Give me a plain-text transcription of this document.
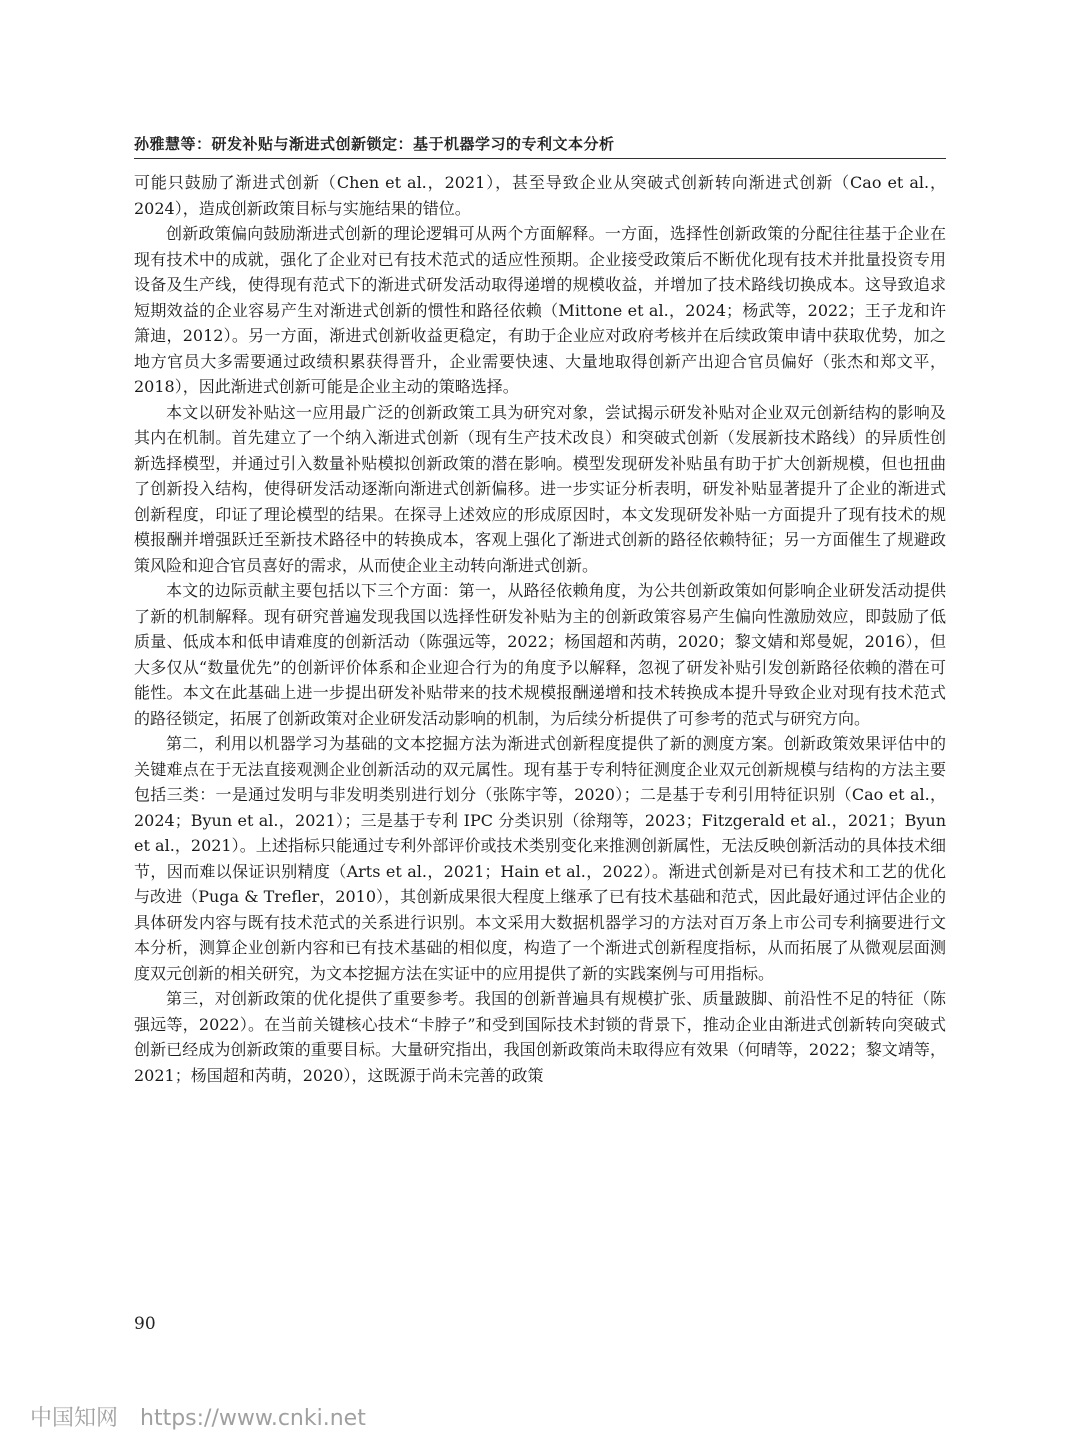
孙雅慧等：研发补贴与渐进式创新锁定：基于机器学习的专利文本分析

可能只鼓励了渐进式创新（Chen et al.，2021），甚至导致企业从突破式创新转向渐进式创新（Cao et al.，2024），造成创新政策目标与实施结果的错位。

创新政策偏向鼓励渐进式创新的理论逻辑可从两个方面解释。一方面，选择性创新政策的分配往往基于企业在现有技术中的成就，强化了企业对已有技术范式的适应性预期。企业接受政策后不断优化现有技术并批量投资专用设备及生产线，使得现有范式下的渐进式研发活动取得递增的规模收益，并增加了技术路线切换成本。这导致追求短期效益的企业容易产生对渐进式创新的惯性和路径依赖（Mittone et al.，2024；杨武等，2022；王子龙和许箫迪，2012）。另一方面，渐进式创新收益更稳定，有助于企业应对政府考核并在后续政策申请中获取优势，加之地方官员大多需要通过政绩积累获得晋升，企业需要快速、大量地取得创新产出迎合官员偏好（张杰和郑文平，2018），因此渐进式创新可能是企业主动的策略选择。

本文以研发补贴这一应用最广泛的创新政策工具为研究对象，尝试揭示研发补贴对企业双元创新结构的影响及其内在机制。首先建立了一个纳入渐进式创新（现有生产技术改良）和突破式创新（发展新技术路线）的异质性创新选择模型，并通过引入数量补贴模拟创新政策的潜在影响。模型发现研发补贴虽有助于扩大创新规模，但也扭曲了创新投入结构，使得研发活动逐渐向渐进式创新偏移。进一步实证分析表明，研发补贴显著提升了企业的渐进式创新程度，印证了理论模型的结果。在探寻上述效应的形成原因时，本文发现研发补贴一方面提升了现有技术的规模报酬并增强跃迁至新技术路径中的转换成本，客观上强化了渐进式创新的路径依赖特征；另一方面催生了规避政策风险和迎合官员喜好的需求，从而使企业主动转向渐进式创新。

本文的边际贡献主要包括以下三个方面：第一，从路径依赖角度，为公共创新政策如何影响企业研发活动提供了新的机制解释。现有研究普遍发现我国以选择性研发补贴为主的创新政策容易产生偏向性激励效应，即鼓励了低质量、低成本和低申请难度的创新活动（陈强远等，2022；杨国超和芮萌，2020；黎文婧和郑曼妮，2016），但大多仅从“数量优先”的创新评价体系和企业迎合行为的角度予以解释，忽视了研发补贴引发创新路径依赖的潜在可能性。本文在此基础上进一步提出研发补贴带来的技术规模报酬递增和技术转换成本提升导致企业对现有技术范式的路径锁定，拓展了创新政策对企业研发活动影响的机制，为后续分析提供了可参考的范式与研究方向。

第二，利用以机器学习为基础的文本挖掘方法为渐进式创新程度提供了新的测度方案。创新政策效果评估中的关键难点在于无法直接观测企业创新活动的双元属性。现有基于专利特征测度企业双元创新规模与结构的方法主要包括三类：一是通过发明与非发明类别进行划分（张陈宇等，2020）；二是基于专利引用特征识别（Cao et al.，2024；Byun et al.，2021）；三是基于专利 IPC 分类识别（徐翔等，2023；Fitzgerald et al.，2021；Byun et al.，2021）。上述指标只能通过专利外部评价或技术类别变化来推测创新属性，无法反映创新活动的具体技术细节，因而难以保证识别精度（Arts et al.，2021；Hain et al.，2022）。渐进式创新是对已有技术和工艺的优化与改进（Puga & Trefler，2010），其创新成果很大程度上继承了已有技术基础和范式，因此最好通过评估企业的具体研发内容与既有技术范式的关系进行识别。本文采用大数据机器学习的方法对百万条上市公司专利摘要进行文本分析，测算企业创新内容和已有技术基础的相似度，构造了一个渐进式创新程度指标，从而拓展了从微观层面测度双元创新的相关研究，为文本挖掘方法在实证中的应用提供了新的实践案例与可用指标。

第三，对创新政策的优化提供了重要参考。我国的创新普遍具有规模扩张、质量跛脚、前沿性不足的特征（陈强远等，2022）。在当前关键核心技术“卡脖子”和受到国际技术封锁的背景下，推动企业由渐进式创新转向突破式创新已经成为创新政策的重要目标。大量研究指出，我国创新政策尚未取得应有效果（何晴等，2022；黎文靖等，2021；杨国超和芮萌，2020），这既源于尚未完善的政策

90
中国知网 https://www.cnki.net
